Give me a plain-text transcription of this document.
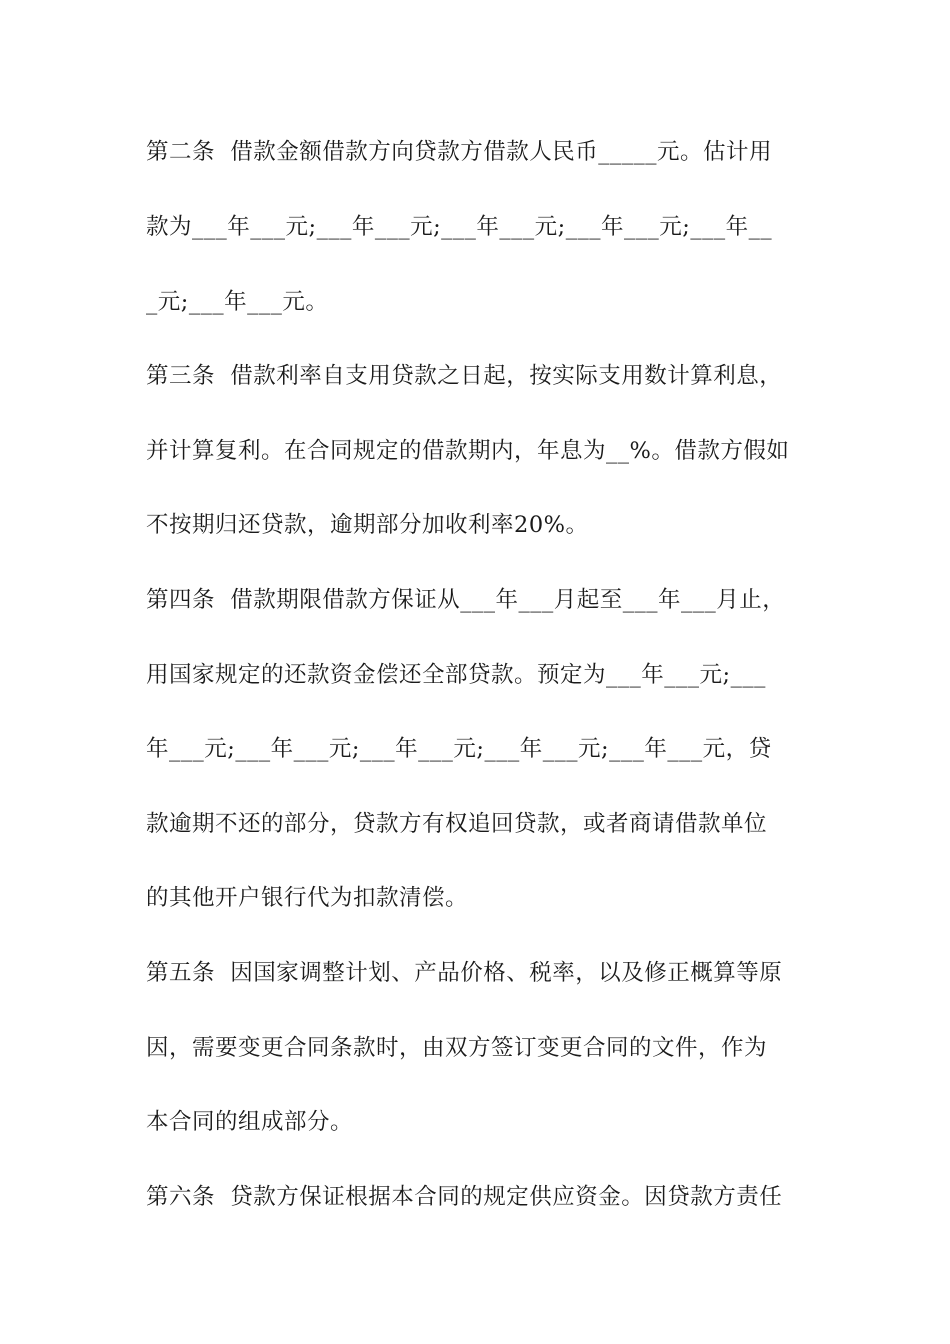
第二条  借款金额借款方向贷款方借款人民币_____元。估计用
款为___年___元;___年___元;___年___元;___年___元;___年__
_元;___年___元。
第三条  借款利率自支用贷款之日起，按实际支用数计算利息，
并计算复利。在合同规定的借款期内，年息为__%。借款方假如
不按期归还贷款，逾期部分加收利率20%。
第四条  借款期限借款方保证从___年___月起至___年___月止，
用国家规定的还款资金偿还全部贷款。预定为___年___元;___
年___元;___年___元;___年___元;___年___元;___年___元，贷
款逾期不还的部分，贷款方有权追回贷款，或者商请借款单位
的其他开户银行代为扣款清偿。
第五条  因国家调整计划、产品价格、税率，以及修正概算等原
因，需要变更合同条款时，由双方签订变更合同的文件，作为
本合同的组成部分。
第六条  贷款方保证根据本合同的规定供应资金。因贷款方责任
